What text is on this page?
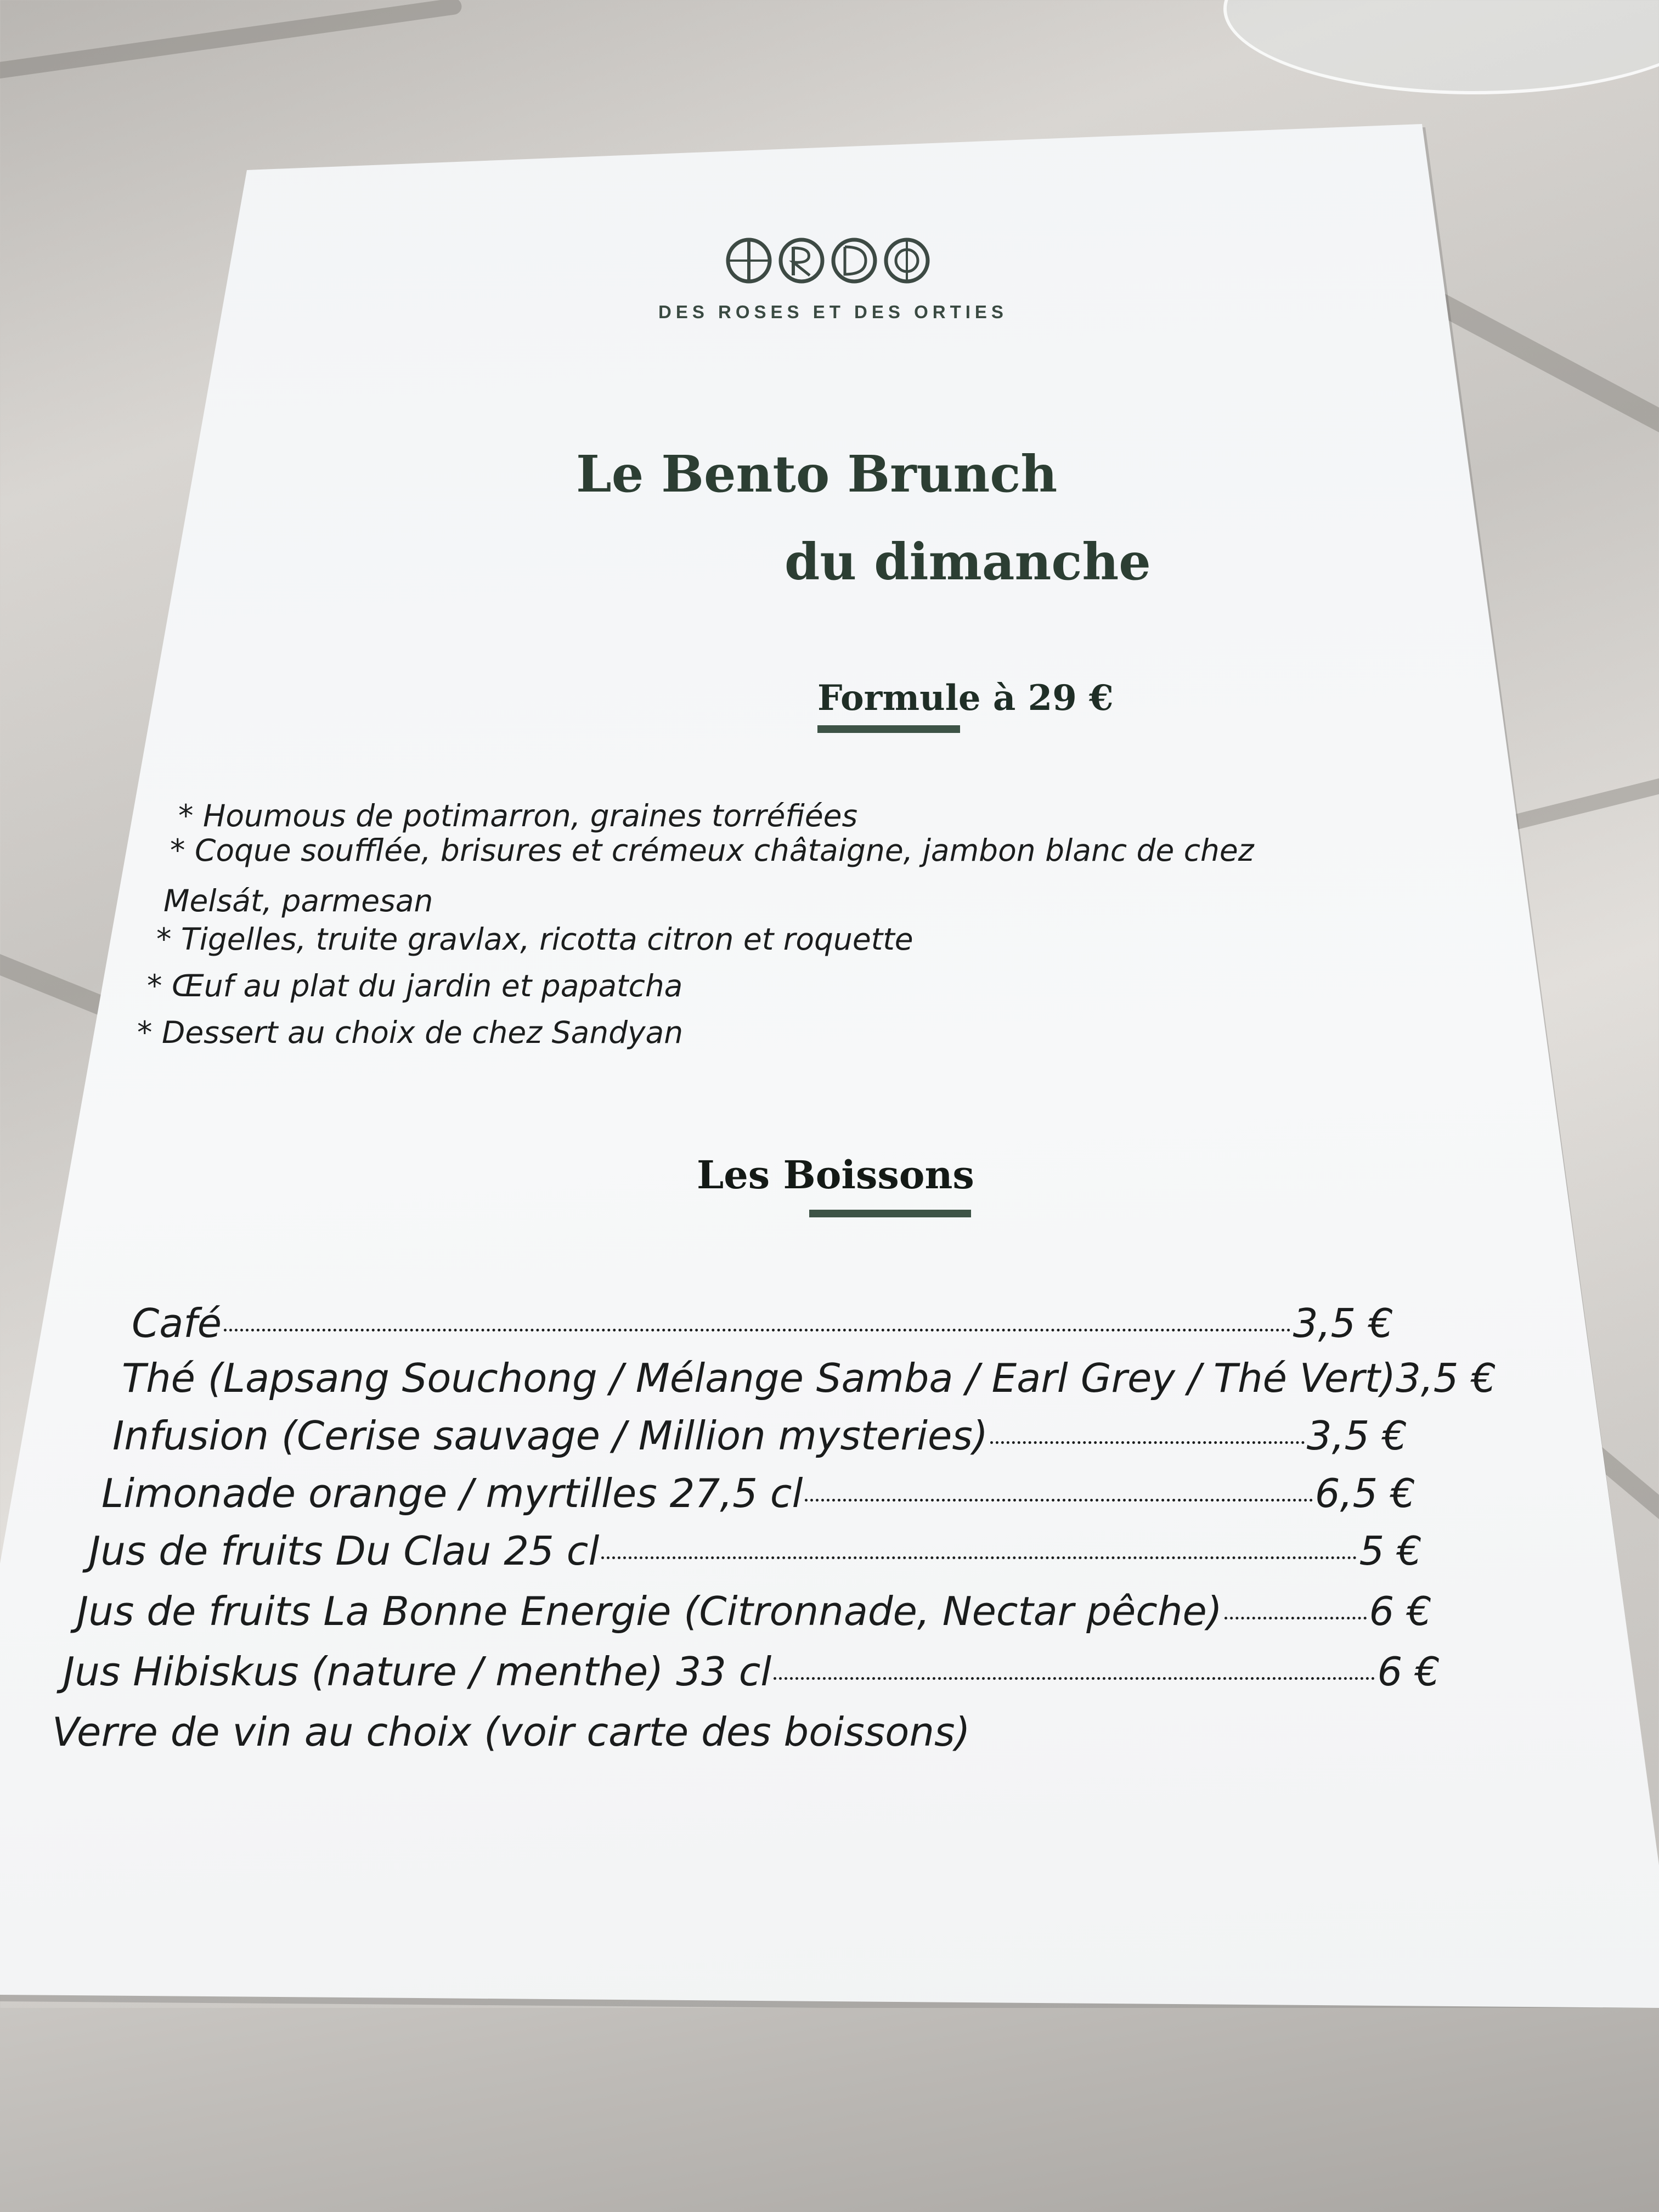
DES ROSES ET DES ORTIES
Le Bento Brunch
du dimanche
Formule à 29 €
* Houmous de potimarron, graines torréfiées
* Coque soufflée, brisures et crémeux châtaigne, jambon blanc de chez
Melsát, parmesan
* Tigelles, truite gravlax, ricotta citron et roquette
* Œuf au plat du jardin et papatcha
* Dessert au choix de chez Sandyan
Les Boissons
Café	3,5 €
Thé (Lapsang Souchong / Mélange Samba / Earl Grey / Thé Vert) 3,5 €
Infusion (Cerise sauvage / Million mysteries)	3,5 €
Limonade orange / myrtilles 27,5 cl	6,5 €
Jus de fruits Du Clau 25 cl	5 €
Jus de fruits La Bonne Energie (Citronnade, Nectar pêche)	6 €
Jus Hibiskus (nature / menthe) 33 cl	6 €
Verre de vin au choix (voir carte des boissons)
